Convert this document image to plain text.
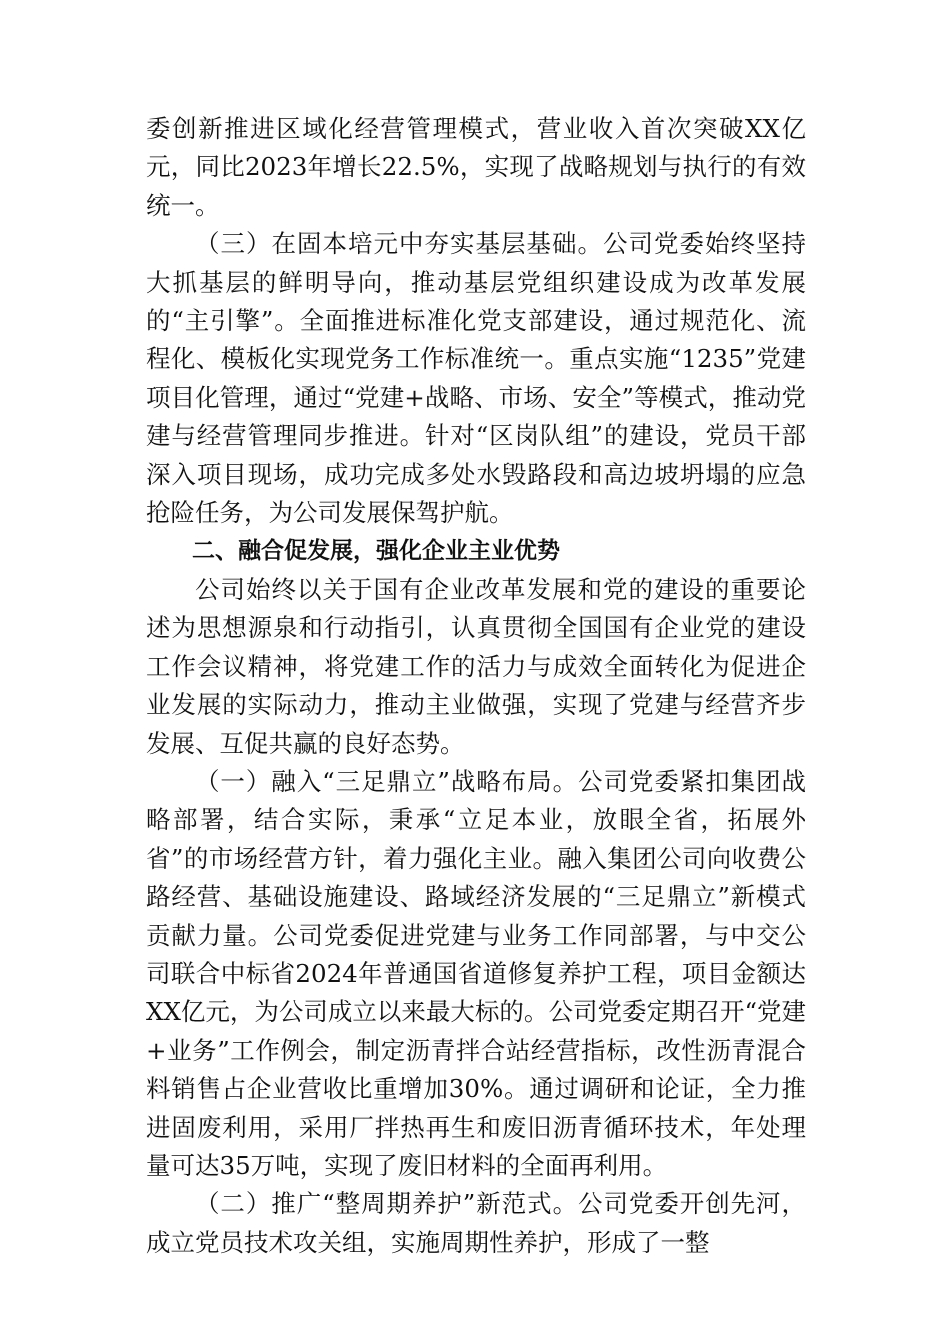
委创新推进区域化经营管理模式，营业收入首次突破XX亿元，同比2023年增长22.5%，实现了战略规划与执行的有效统一。

（三）在固本培元中夯实基层基础。公司党委始终坚持大抓基层的鲜明导向，推动基层党组织建设成为改革发展的“主引擎”。全面推进标准化党支部建设，通过规范化、流程化、模板化实现党务工作标准统一。重点实施“1235”党建项目化管理，通过“党建+战略、市场、安全”等模式，推动党建与经营管理同步推进。针对“区岗队组”的建设，党员干部深入项目现场，成功完成多处水毁路段和高边坡坍塌的应急抢险任务，为公司发展保驾护航。

二、融合促发展，强化企业主业优势

公司始终以关于国有企业改革发展和党的建设的重要论述为思想源泉和行动指引，认真贯彻全国国有企业党的建设工作会议精神，将党建工作的活力与成效全面转化为促进企业发展的实际动力，推动主业做强，实现了党建与经营齐步发展、互促共赢的良好态势。

（一）融入“三足鼎立”战略布局。公司党委紧扣集团战略部署，结合实际，秉承“立足本业，放眼全省，拓展外省”的市场经营方针，着力强化主业。融入集团公司向收费公路经营、基础设施建设、路域经济发展的“三足鼎立”新模式贡献力量。公司党委促进党建与业务工作同部署，与中交公司联合中标省2024年普通国省道修复养护工程，项目金额达XX亿元，为公司成立以来最大标的。公司党委定期召开“党建+业务”工作例会，制定沥青拌合站经营指标，改性沥青混合料销售占企业营收比重增加30%。通过调研和论证，全力推进固废利用，采用厂拌热再生和废旧沥青循环技术，年处理量可达35万吨，实现了废旧材料的全面再利用。

（二）推广“整周期养护”新范式。公司党委开创先河，成立党员技术攻关组，实施周期性养护，形成了一整
